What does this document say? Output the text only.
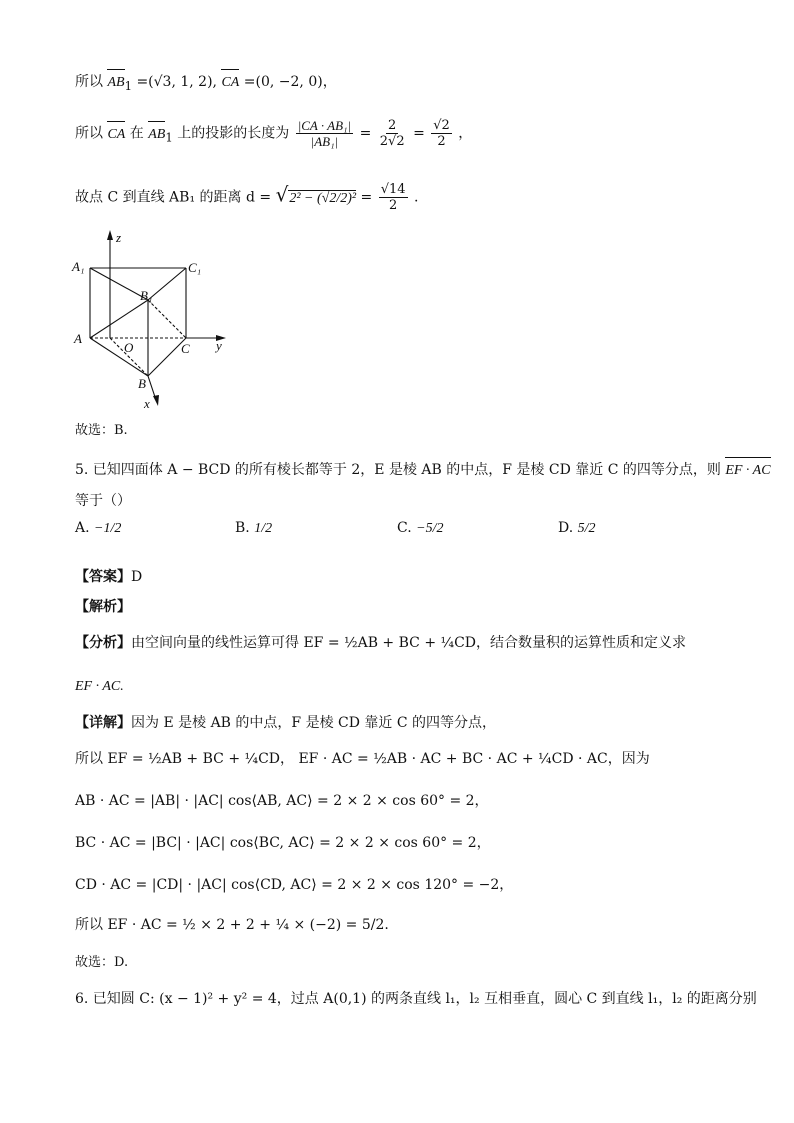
所以 $AB_1 =(√3$, 1, 2), CA =(0, −2, 0)，
所以 CA 在 $AB_1$ 上的投影的长度为 $\frac{\text{|CA · AB₁|}}{\text{|AB₁|}} = \frac{2}{2√2} = \frac{√2}{2}$ ，
故点 C 到直线 AB₁ 的距离 $d = √2^2 - (√2/2)^2 = \frac{√14}{2}$ .
z
A₁	C₁
B₁
A
O	C y
B
x
故选：B.
5. 已知四面体 A − BCD 的所有棱长都等于 2，E 是棱 AB 的中点，F 是棱 CD 靠近 C 的四等分点，则 EF · AC
等于（）
A. −1/2	B. 1/2	C. −5/2	D. 5/2
【答案】D
【解析】
【分析】由空间向量的线性运算可得 EF = ½AB + BC + ¼CD，结合数量积的运算性质和定义求
EF · AC.
【详解】因为 E 是棱 AB 的中点，F 是棱 CD 靠近 C 的四等分点，
所以 EF = ½AB + BC + ¼CD， EF · AC = ½AB · AC + BC · AC + ¼CD · AC，因为
AB · AC = |AB| · |AC| cos⟨AB, AC⟩ = 2 × 2 × cos 60° = 2，
BC · AC = |BC| · |AC| cos⟨BC, AC⟩ = 2 × 2 × cos 60° = 2，
CD · AC = |CD| · |AC| cos⟨CD, AC⟩ = 2 × 2 × cos 120° = −2，
所以 EF · AC = ½ × 2 + 2 + ¼ × (−2) = 5/2.
故选：D.
6. 已知圆 C: (x − 1)² + y² = 4，过点 A(0,1) 的两条直线 l₁，l₂ 互相垂直，圆心 C 到直线 l₁，l₂ 的距离分别
